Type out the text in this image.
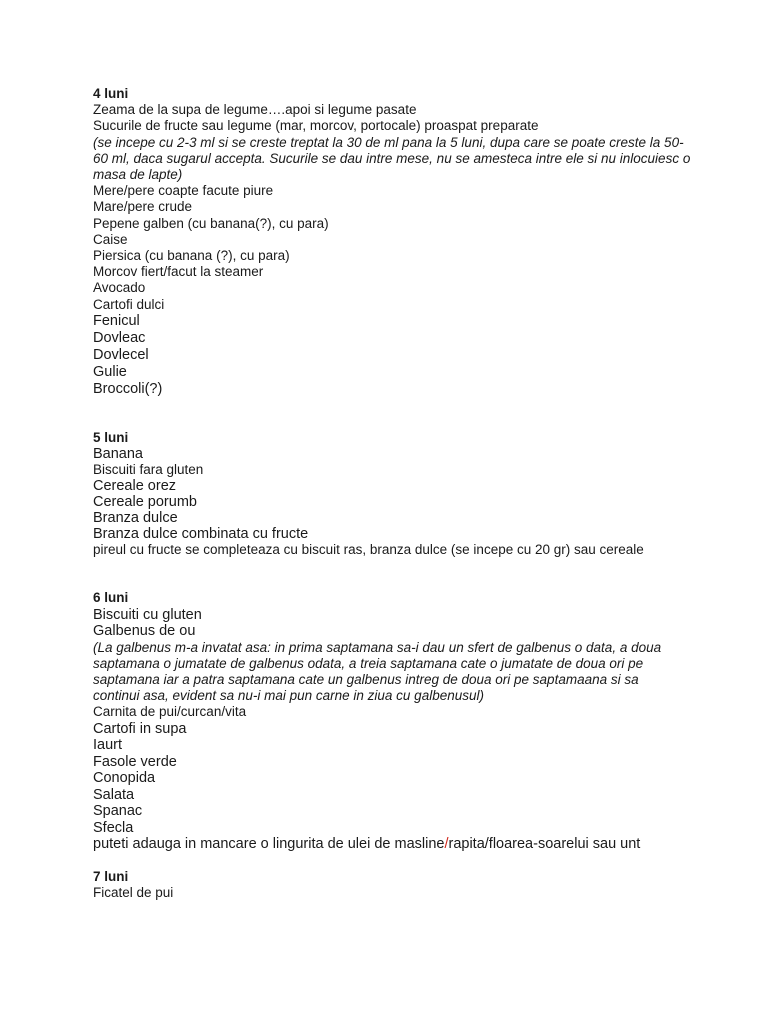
4 luni
Zeama de la supa de legume….apoi si legume pasate
Sucurile de fructe sau legume (mar, morcov, portocale) proaspat preparate
(se incepe cu 2-3 ml si se creste treptat la 30 de ml pana la 5 luni, dupa care se poate creste la 50-60 ml, daca sugarul accepta. Sucurile se dau intre mese, nu se amesteca intre ele si nu inlocuiesc o masa de lapte)
Mere/pere coapte facute piure
Mare/pere crude
Pepene galben (cu banana(?), cu para)
Caise
Piersica (cu banana (?), cu para)
Morcov fiert/facut la steamer
Avocado
Cartofi dulci
Fenicul
Dovleac
Dovlecel
Gulie
Broccoli(?)
5 luni
Banana
Biscuiti fara gluten
Cereale orez
Cereale porumb
Branza dulce
Branza dulce combinata cu fructe
pireul cu fructe se completeaza cu biscuit ras, branza dulce (se incepe cu 20 gr) sau cereale
6 luni
Biscuiti cu gluten
Galbenus de ou
(La galbenus m-a invatat asa: in prima saptamana sa-i dau un sfert de galbenus o data, a doua saptamana o jumatate de galbenus odata, a treia saptamana cate o jumatate de doua ori pe saptamana iar a patra saptamana cate un galbenus intreg de doua ori pe saptamaana si sa continui asa, evident sa nu-i mai pun carne in ziua cu galbenusul)
Carnita de pui/curcan/vita
Cartofi in supa
Iaurt
Fasole verde
Conopida
Salata
Spanac
Sfecla
puteti adauga in mancare o lingurita de ulei de masline/rapita/floarea-soarelui sau unt
7 luni
Ficatel de pui
